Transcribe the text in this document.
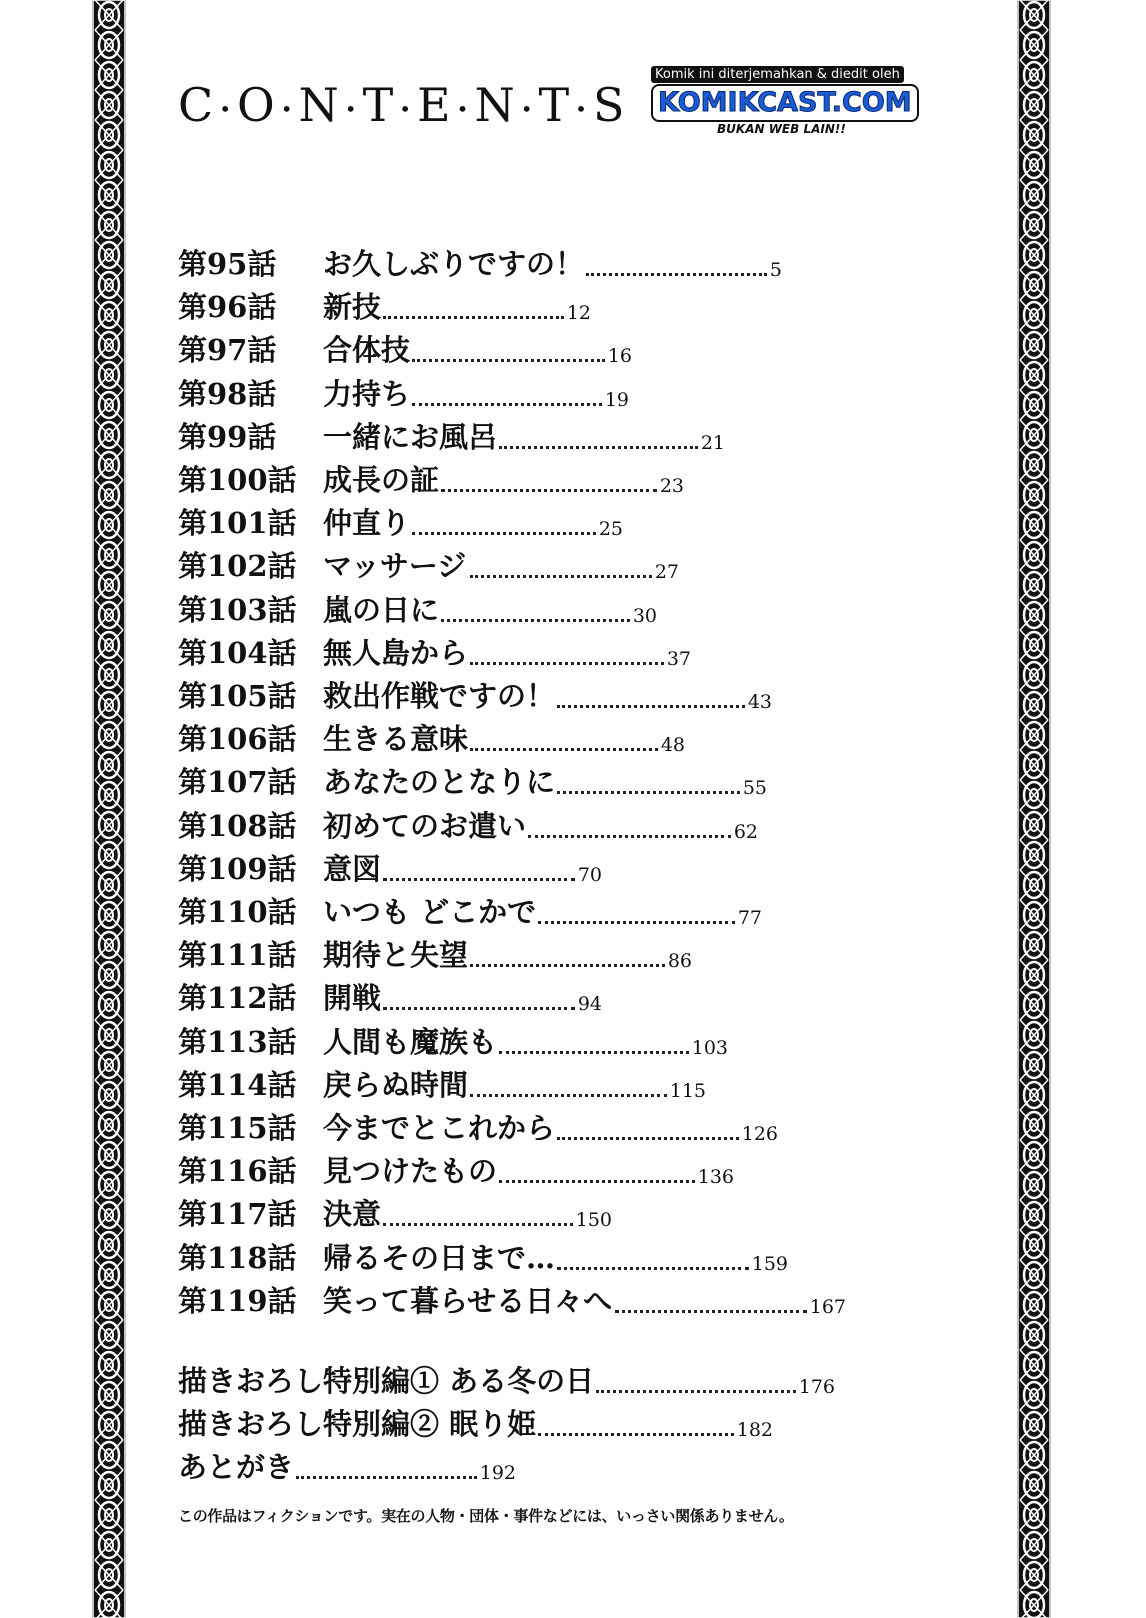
C • O • N • T • E • N • T • S
Komik ini diterjemahkan & diedit oleh
KOMIKCAST.COM
BUKAN WEB LAIN!!
第95話 お久しぶりですの！	5
第96話 新技	12
第97話 合体技	16
第98話 力持ち	19
第99話 一緒にお風呂	21
第100話 成長の証	23
第101話 仲直り	25
第102話 マッサージ	27
第103話 嵐の日に	30
第104話 無人島から	37
第105話 救出作戦ですの！	43
第106話 生きる意味	48
第107話 あなたのとなりに	55
第108話 初めてのお遣い	62
第109話 意図	70
第110話 いつも どこかで	77
第111話 期待と失望	86
第112話 開戦	94
第113話 人間も魔族も	103
第114話 戻らぬ時間	115
第115話 今までとこれから	126
第116話 見つけたもの	136
第117話 決意	150
第118話 帰るその日まで…	159
第119話 笑って暮らせる日々へ	167
描きおろし特別編① ある冬の日	176
描きおろし特別編② 眠り姫	182
あとがき	192
この作品はフィクションです。実在の人物・団体・事件などには、いっさい関係ありません。
